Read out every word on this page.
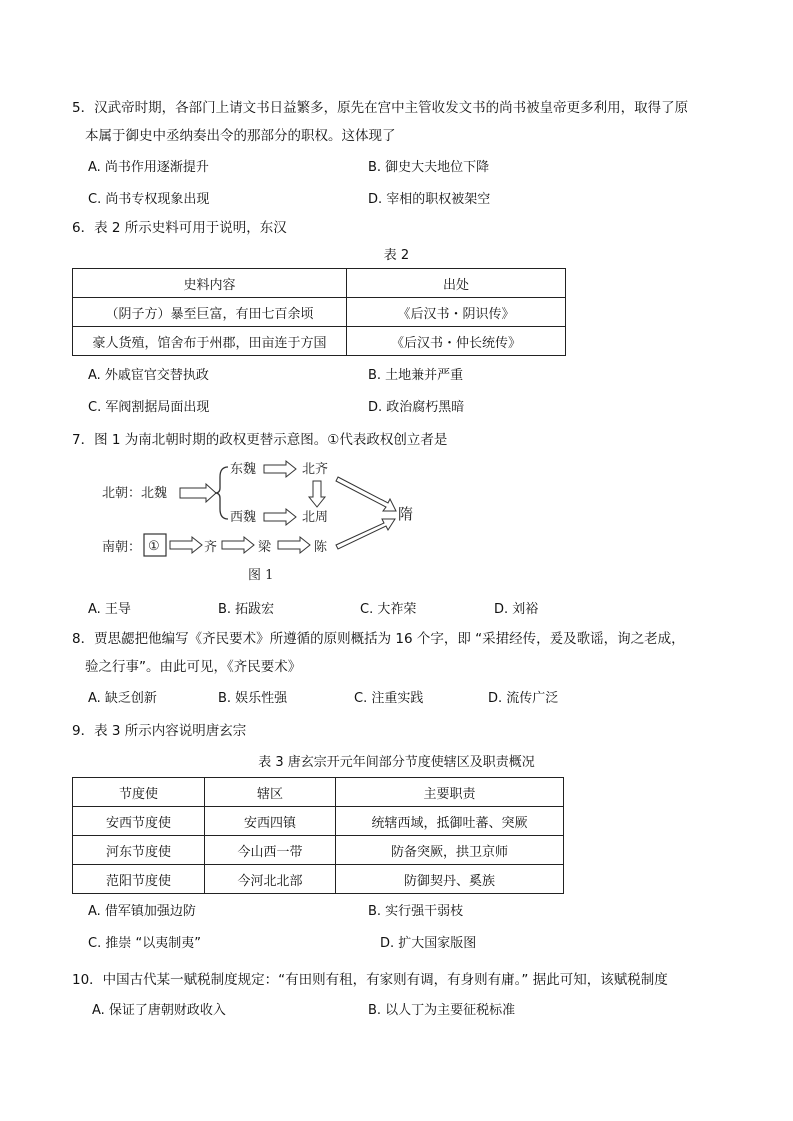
5．汉武帝时期，各部门上请文书日益繁多，原先在宫中主管收发文书的尚书被皇帝更多利用，取得了原
本属于御史中丞纳奏出令的那部分的职权。这体现了
A. 尚书作用逐渐提升	B. 御史大夫地位下降
C. 尚书专权现象出现	D. 宰相的职权被架空
6．表 2 所示史料可用于说明，东汉
表 2
史料内容	出处
（阴子方）暴至巨富，有田七百余顷	《后汉书・阴识传》
豪人货殖，馆舍布于州郡，田亩连于方国	《后汉书・仲长统传》
A. 外戚宦官交替执政	B. 土地兼并严重
C. 军阀割据局面出现	D. 政治腐朽黑暗
7．图 1 为南北朝时期的政权更替示意图。①代表政权创立者是
北朝：北魏
东魏	北齐
西魏	北周	隋
南朝： ①	齐	梁	陈
图 1
A. 王导	B. 拓跋宏	C. 大祚荣	D. 刘裕
8．贾思勰把他编写《齐民要术》所遵循的原则概括为 16 个字，即 “采捃经传，爰及歌谣，询之老成，
验之行事”。由此可见，《齐民要术》
A. 缺乏创新	B. 娱乐性强	C. 注重实践	D. 流传广泛
9．表 3 所示内容说明唐玄宗
表 3 唐玄宗开元年间部分节度使辖区及职责概况
节度使	辖区	主要职责
安西节度使	安西四镇	统辖西域，抵御吐蕃、突厥
河东节度使	今山西一带	防备突厥，拱卫京师
范阳节度使	今河北北部	防御契丹、奚族
A. 借军镇加强边防	B. 实行强干弱枝
C. 推崇 “以夷制夷”	D. 扩大国家版图
10．中国古代某一赋税制度规定：“有田则有租，有家则有调，有身则有庸。” 据此可知，该赋税制度
A. 保证了唐朝财政收入	B. 以人丁为主要征税标准
